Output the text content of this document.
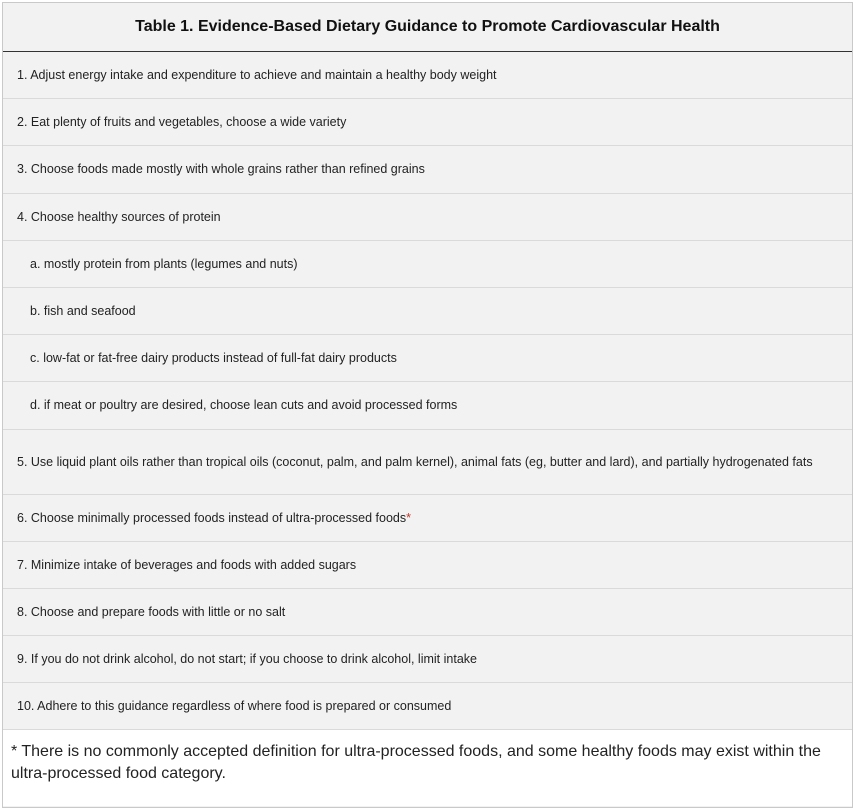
Table 1. Evidence-Based Dietary Guidance to Promote Cardiovascular Health
1. Adjust energy intake and expenditure to achieve and maintain a healthy body weight
2. Eat plenty of fruits and vegetables, choose a wide variety
3. Choose foods made mostly with whole grains rather than refined grains
4. Choose healthy sources of protein
a. mostly protein from plants (legumes and nuts)
b. fish and seafood
c. low-fat or fat-free dairy products instead of full-fat dairy products
d. if meat or poultry are desired, choose lean cuts and avoid processed forms
5. Use liquid plant oils rather than tropical oils (coconut, palm, and palm kernel), animal fats (eg, butter and lard), and partially hydrogenated fats
6. Choose minimally processed foods instead of ultra-processed foods*
7. Minimize intake of beverages and foods with added sugars
8. Choose and prepare foods with little or no salt
9. If you do not drink alcohol, do not start; if you choose to drink alcohol, limit intake
10. Adhere to this guidance regardless of where food is prepared or consumed
* There is no commonly accepted definition for ultra-processed foods, and some healthy foods may exist within the ultra-processed food category.
